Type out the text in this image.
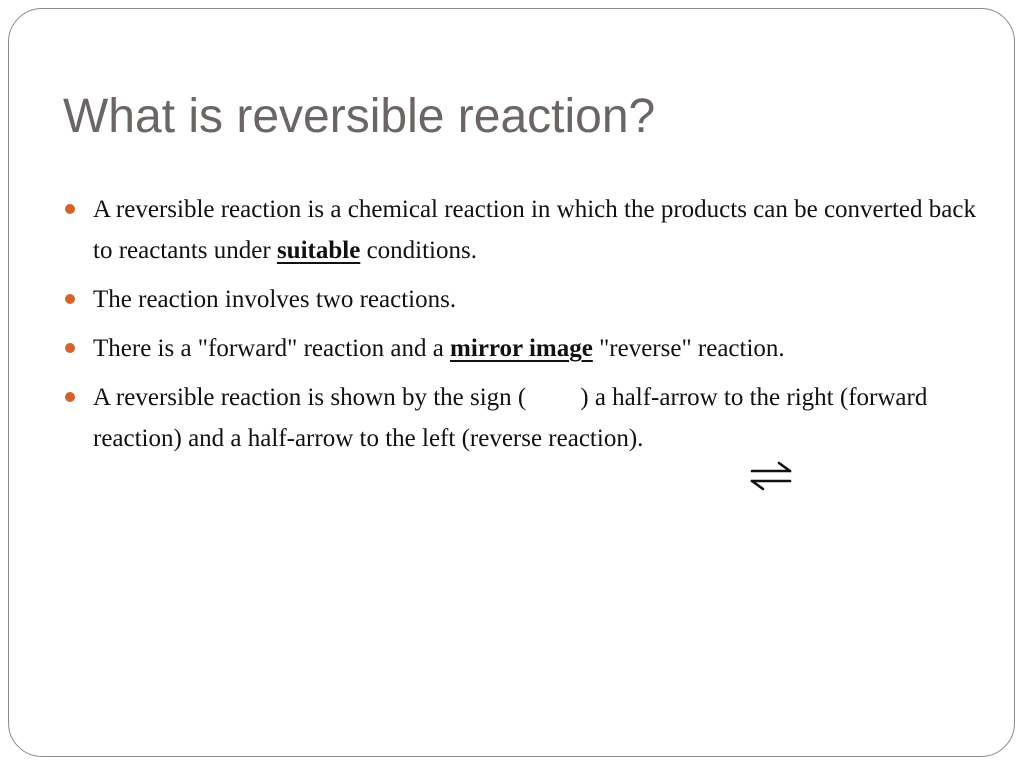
What is reversible reaction?
A reversible reaction is a chemical reaction in which the products can be converted back to reactants under suitable conditions.
The reaction involves two reactions.
There is a "forward" reaction and a mirror image "reverse" reaction.
A reversible reaction is shown by the sign ( ) a half-arrow to the right (forward reaction) and a half-arrow to the left (reverse reaction).
